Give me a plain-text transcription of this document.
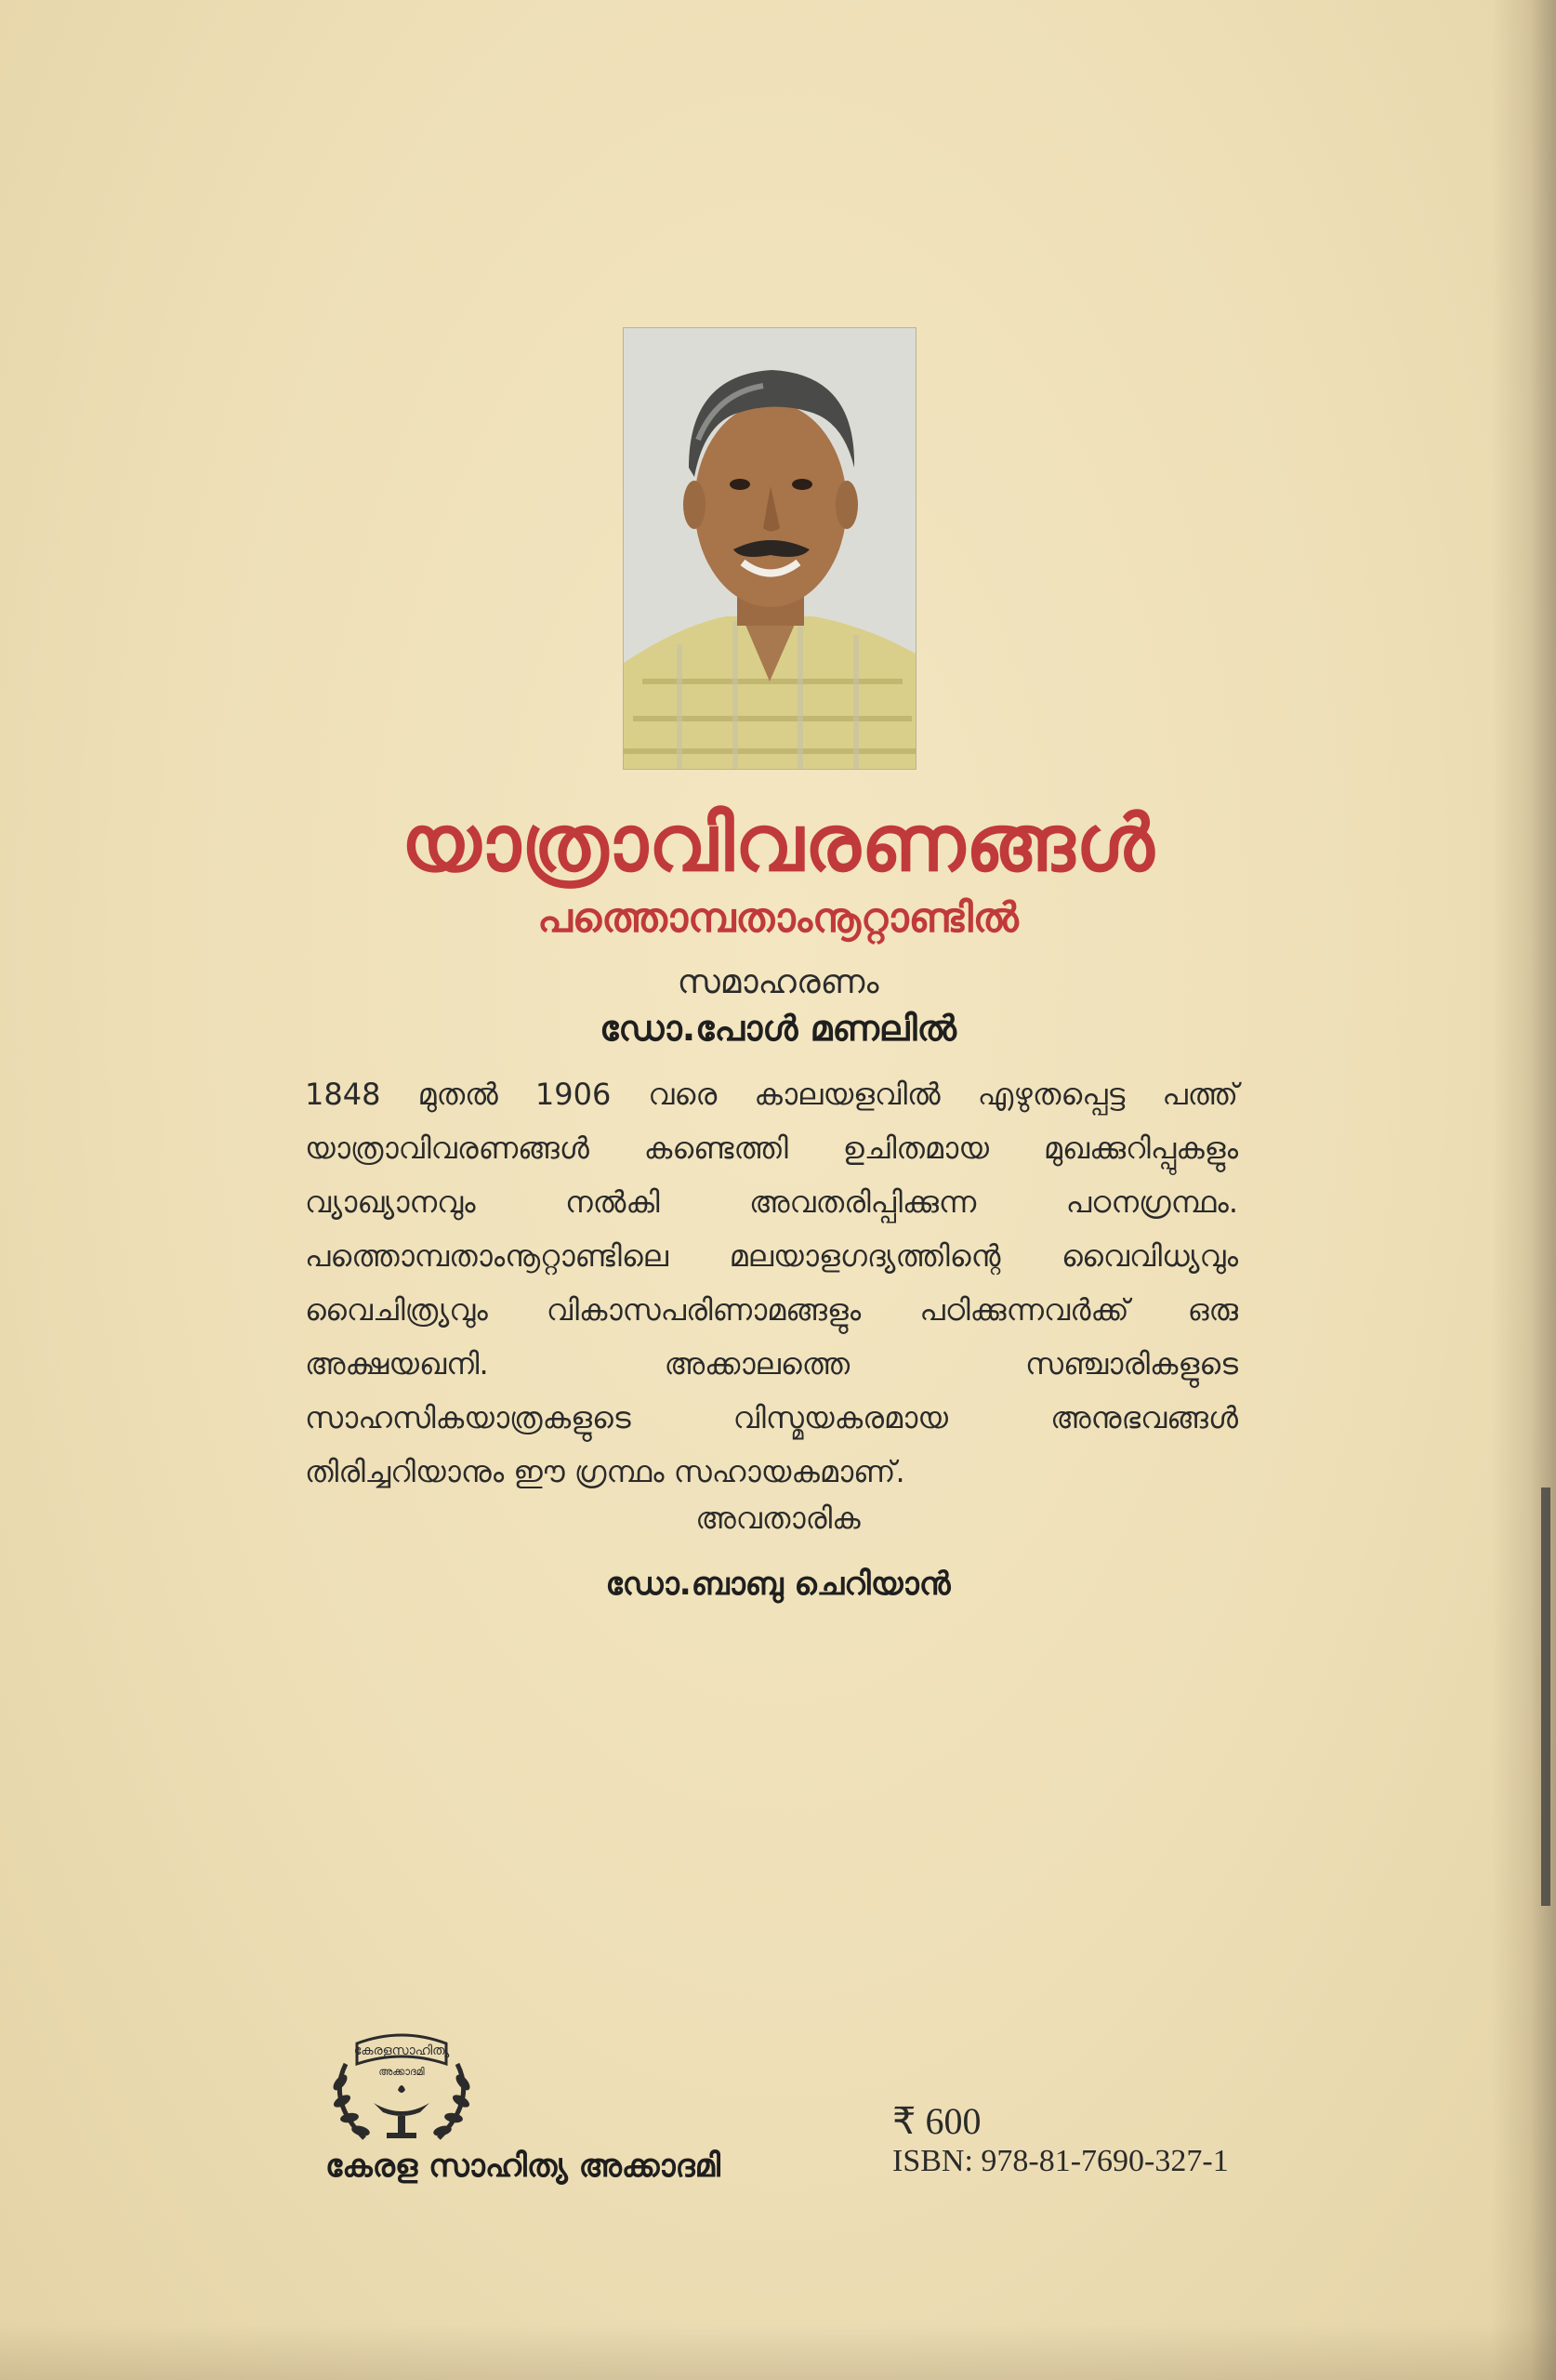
യാത്രാവിവരണങ്ങൾ
പത്തൊമ്പതാംനൂറ്റാണ്ടിൽ
സമാഹരണം
ഡോ.പോൾ മണലിൽ
1848 മുതൽ 1906 വരെ കാലയളവിൽ എഴുതപ്പെട്ട പത്ത് യാത്രാവിവരണങ്ങൾ കണ്ടെത്തി ഉചിതമായ മുഖക്കുറിപ്പുകളും വ്യാഖ്യാനവും നൽകി അവതരിപ്പിക്കുന്ന പഠനഗ്രന്ഥം. പത്തൊമ്പതാംനൂറ്റാണ്ടിലെ മലയാളഗദ്യത്തിന്റെ വൈവിധ്യവും വൈചിത്ര്യവും വികാസപരിണാമങ്ങളും പഠിക്കുന്നവർക്ക് ഒരു അക്ഷയഖനി. അക്കാലത്തെ സഞ്ചാരികളുടെ സാഹസികയാത്രകളുടെ വിസ്മയകരമായ അനുഭവങ്ങൾ തിരിച്ചറിയാനും ഈ ഗ്രന്ഥം സഹായകമാണ്.
അവതാരിക
ഡോ.ബാബു ചെറിയാൻ
കേരളസാഹിത്യ
അക്കാദമി
കേരള സാഹിത്യ അക്കാദമി
₹ 600
ISBN: 978-81-7690-327-1
